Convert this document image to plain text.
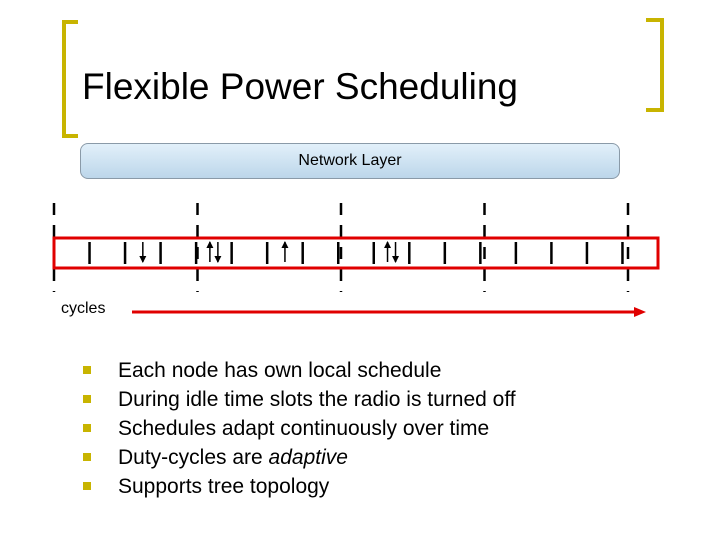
Flexible Power Scheduling
Network Layer
cycles
Each node has own local schedule
During idle time slots the radio is turned off
Schedules adapt continuously over time
Duty-cycles are adaptive
Supports tree topology
